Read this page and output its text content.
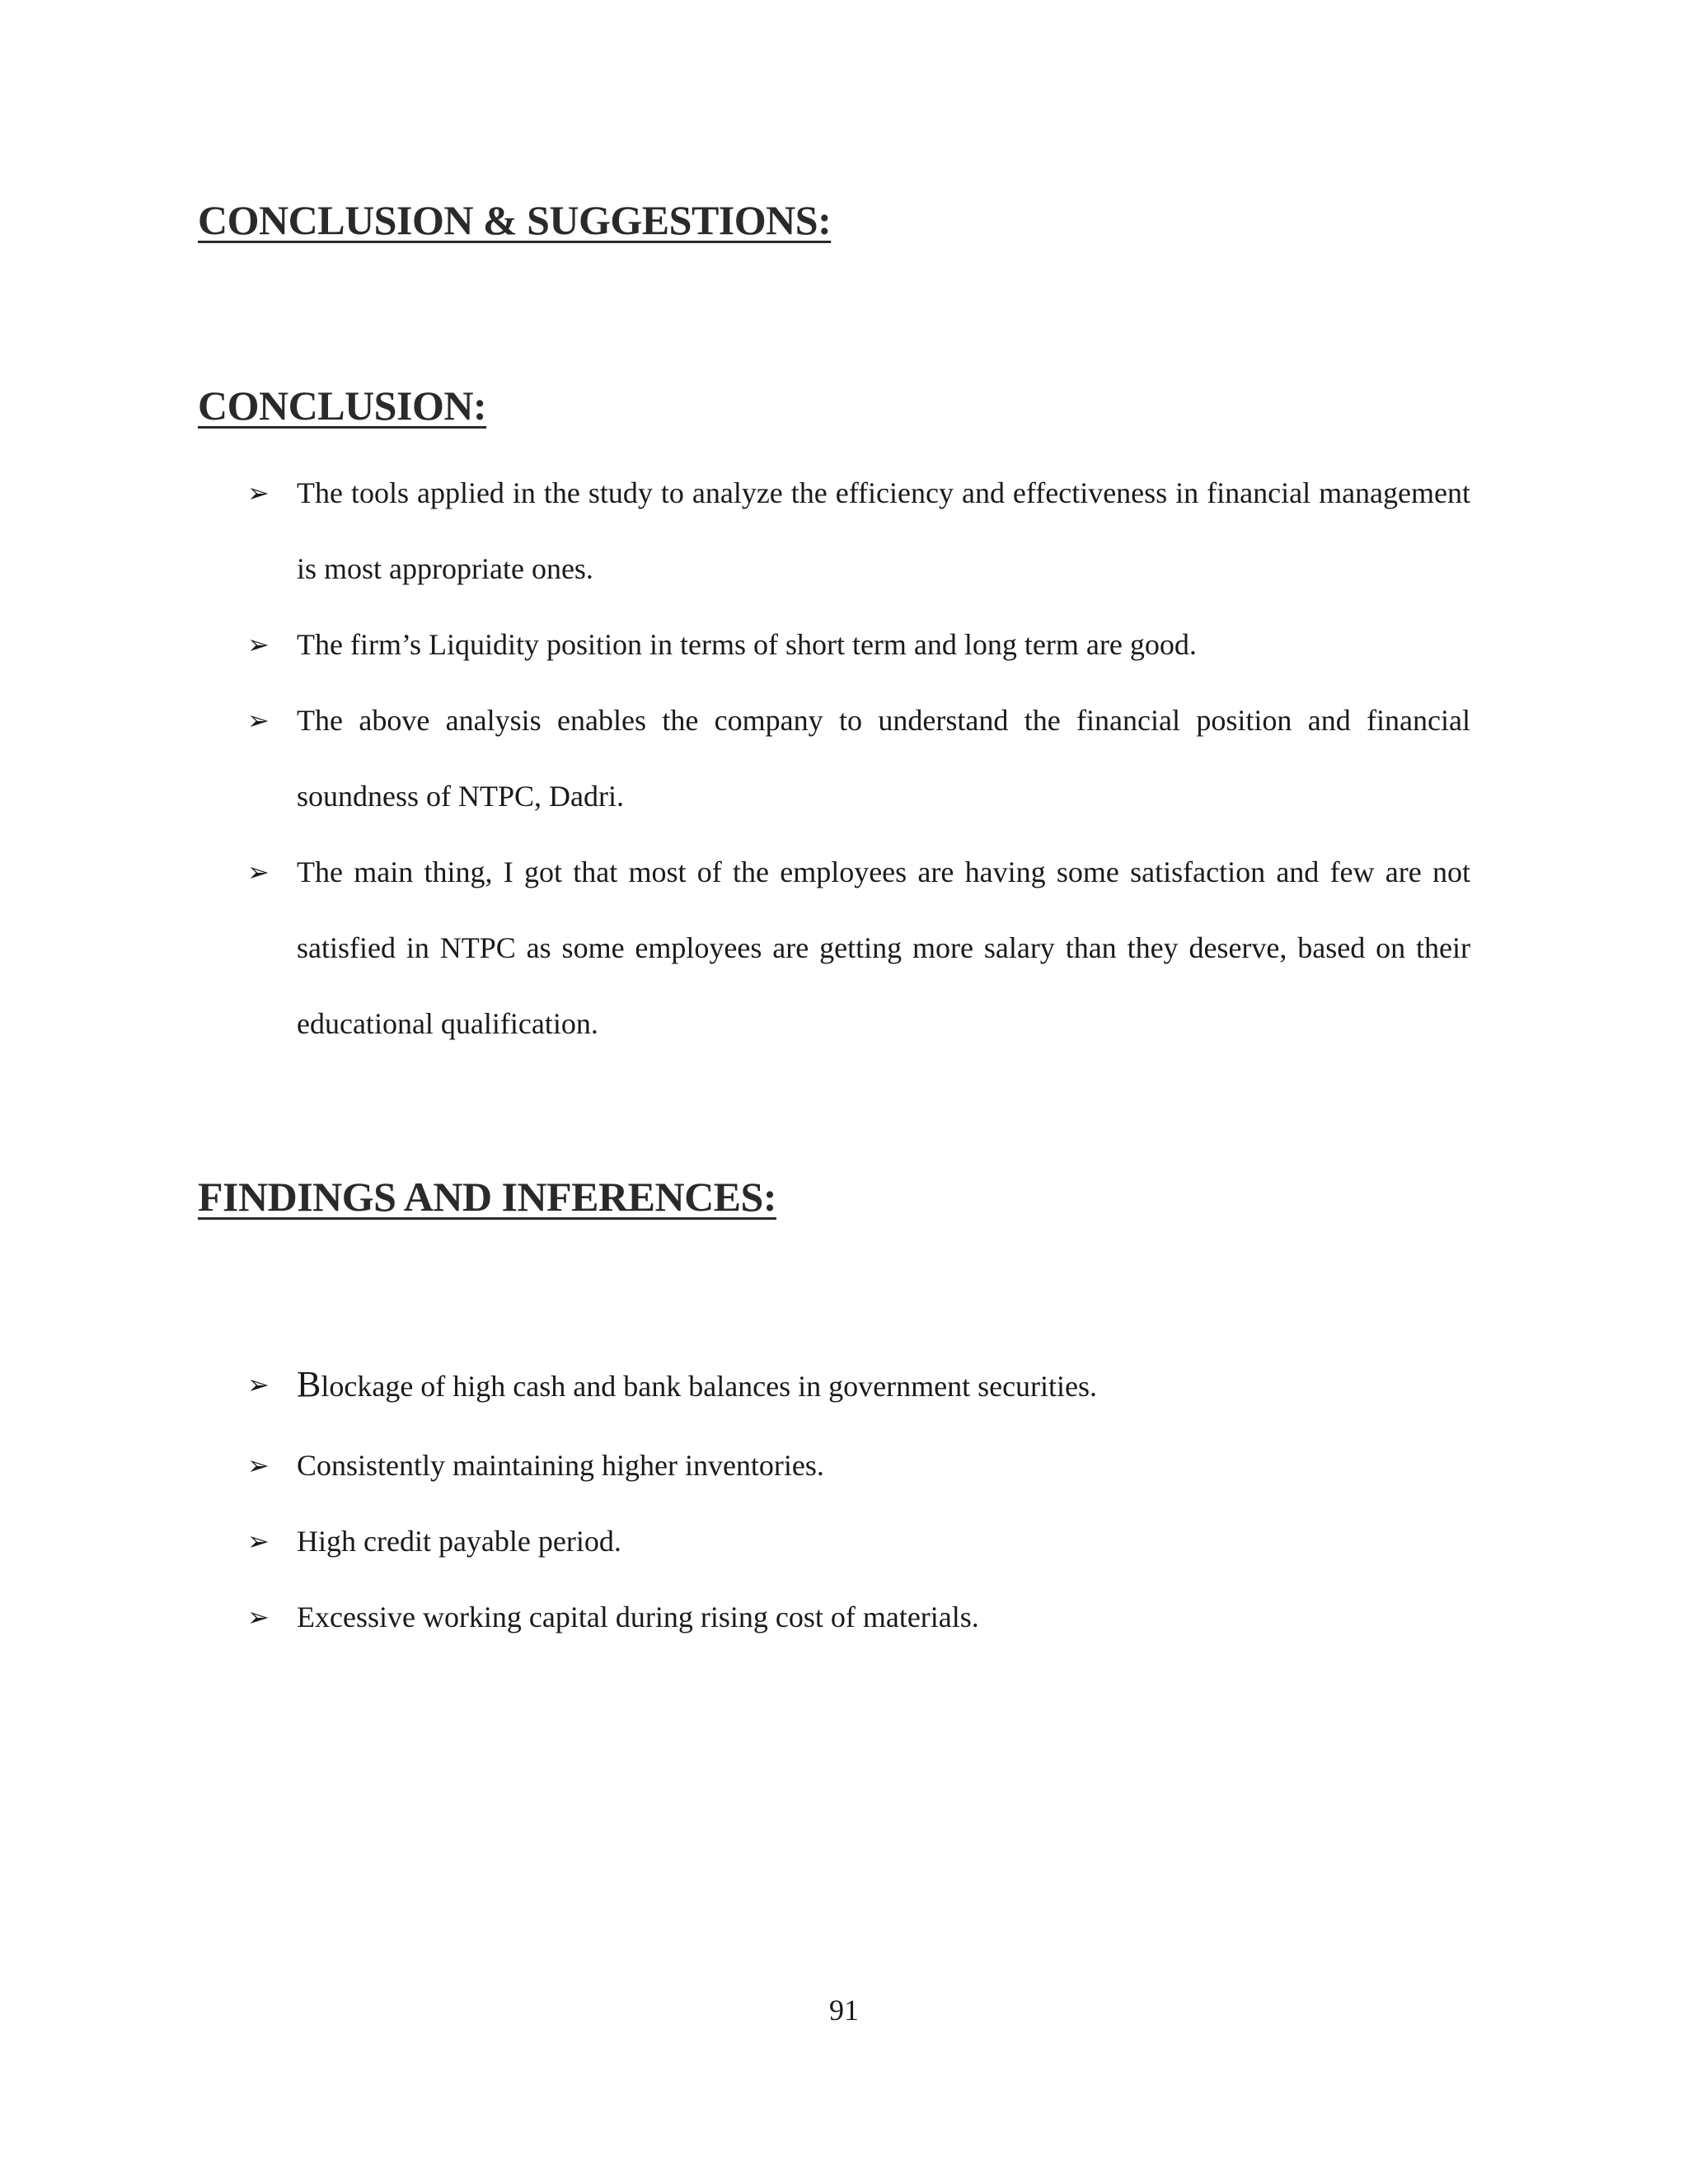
CONCLUSION & SUGGESTIONS:
CONCLUSION:
➢ The tools applied in the study to analyze the efficiency and effectiveness in financial management is most appropriate ones.
➢ The firm’s Liquidity position in terms of short term and long term are good.
➢ The above analysis enables the company to understand the financial position and financial soundness of NTPC, Dadri.
➢ The main thing, I got that most of the employees are having some satisfaction and few are not satisfied in NTPC as some employees are getting more salary than they deserve, based on their educational qualification.
FINDINGS AND INFERENCES:
➢ Blockage of high cash and bank balances in government securities.
➢ Consistently maintaining higher inventories.
➢ High credit payable period.
➢ Excessive working capital during rising cost of materials.
91
